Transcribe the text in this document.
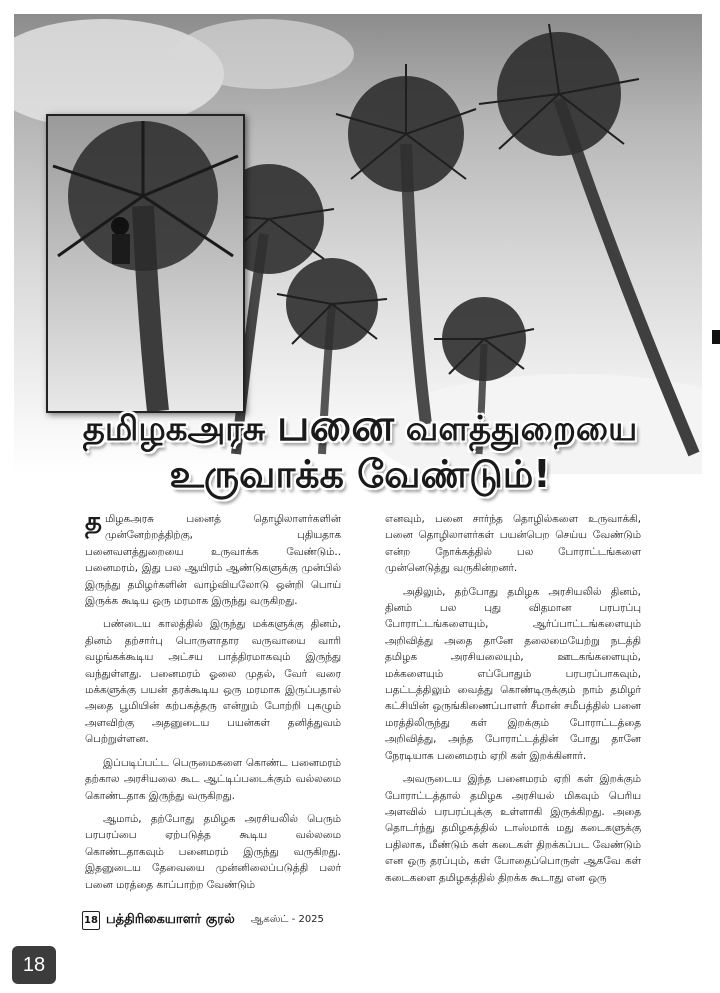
தமிழகஅரசு பனை வளத்துறையை
உருவாக்க வேண்டும்!

தமிழகஅரசு பனைத் தொழிலாளர்களின் முன்னேற்றத்திற்கு, புதியதாக பனைவளத்துறையை உருவாக்க வேண்டும்.. பனைமரம், இது பல ஆயிரம் ஆண்டுகளுக்கு முன்பில் இருந்து தமிழர்களின் வாழ்வியலோடு ஒன்றி பொய் இருக்க கூடிய ஒரு மரமாக இருந்து வருகிறது.

பண்டைய காலத்தில் இருந்து மக்களுக்கு தினம், தினம் தற்சார்பு பொருளாதார வருவாயை வாரி வழங்கக்கூடிய அட்சய பாத்திரமாகவும் இருந்து வந்துள்ளது. பனைமரம் ஓலை முதல், வேர் வரை மக்களுக்கு பயன் தரக்கூடிய ஒரு மரமாக இருப்பதால் அதை பூமியின் கற்பகத்தரு என்றும் போற்றி புகழும் அளவிற்கு அதனுடைய பயன்கள் தனித்துவம் பெற்றுள்ளன.

இப்படிப்பட்ட பெருமைகளை கொண்ட பனைமரம் தற்கால அரசியலை கூட ஆட்டிப்படைக்கும் வல்லமை கொண்டதாக இருந்து வருகிறது.

ஆமாம், தற்போது தமிழக அரசியலில் பெரும் பரபரப்பை ஏற்படுத்த கூடிய வல்லமை கொண்டதாகவும் பனைமரம் இருந்து வருகிறது. இதனுடைய தேவையை முன்னிலைப்படுத்தி பலர் பனை மரத்தை காப்பாற்ற வேண்டும்

எனவும், பனை சார்ந்த தொழில்களை உருவாக்கி, பனை தொழிலாளர்கள் பயன்பெற செய்ய வேண்டும் என்ற நோக்கத்தில் பல போராட்டங்களை முன்னெடுத்து வருகின்றனர்.

அதிலும், தற்போது தமிழக அரசியலில் தினம், தினம் பல புது விதமான பரபரப்பு போராட்டங்களையும், ஆர்ப்பாட்டங்களையும் அறிவித்து அதை தானே தலைமையேற்று நடத்தி தமிழக அரசியலையும், ஊடகங்களையும், மக்களையும் எப்போதும் பரபரப்பாகவும், பதட்டத்திலும் வைத்து கொண்டிருக்கும் நாம் தமிழர் கட்சியின் ஒருங்கிணைப்பாளர் சீமான் சமீபத்தில் பனை மரத்திலிருந்து கள் இறக்கும் போராட்டத்தை அறிவித்து, அந்த போராட்டத்தின் போது தானே நேரடியாக பனைமரம் ஏறி கள் இறக்கினார்.

அவருடைய இந்த பனைமரம் ஏறி கள் இறக்கும் போராட்டத்தால் தமிழக அரசியல் மிகவும் பெரிய அளவில் பரபரப்புக்கு உள்ளாகி இருக்கிறது. அதை தொடர்ந்து தமிழகத்தில் டாஸ்மாக் மது கடைகளுக்கு பதிலாக, மீண்டும் கள் கடைகள் திறக்கப்பட வேண்டும் என ஒரு தரப்பும், கள் போதைப்பொருள் ஆகவே கள் கடைகளை தமிழகத்தில் திறக்க கூடாது என ஒரு

18 பத்திரிகையாளர் குரல் ஆகஸ்ட் - 2025
18
